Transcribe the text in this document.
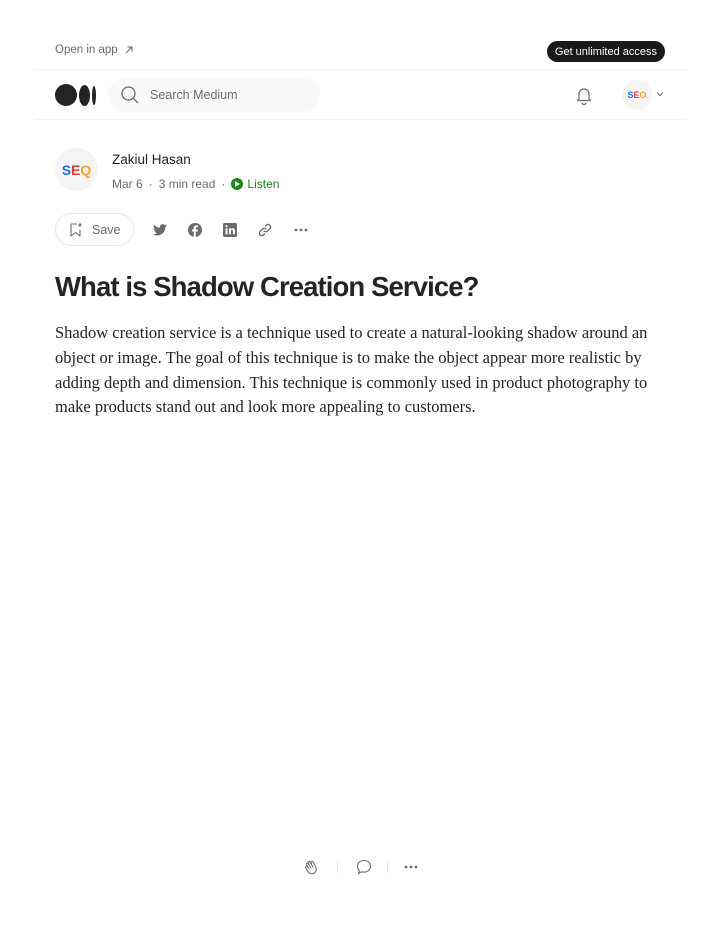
Open in app	Get unlimited access
Search Medium
S E O
S E Q
Zakiul Hasan
Mar 6 · 3 min read · Listen
Save
What is Shadow Creation Service?

Shadow creation service is a technique used to create a natural-looking shadow around an object or image. The goal of this technique is to make the object appear more realistic by adding depth and dimension. This technique is commonly used in product photography to make products stand out and look more appealing to customers.
